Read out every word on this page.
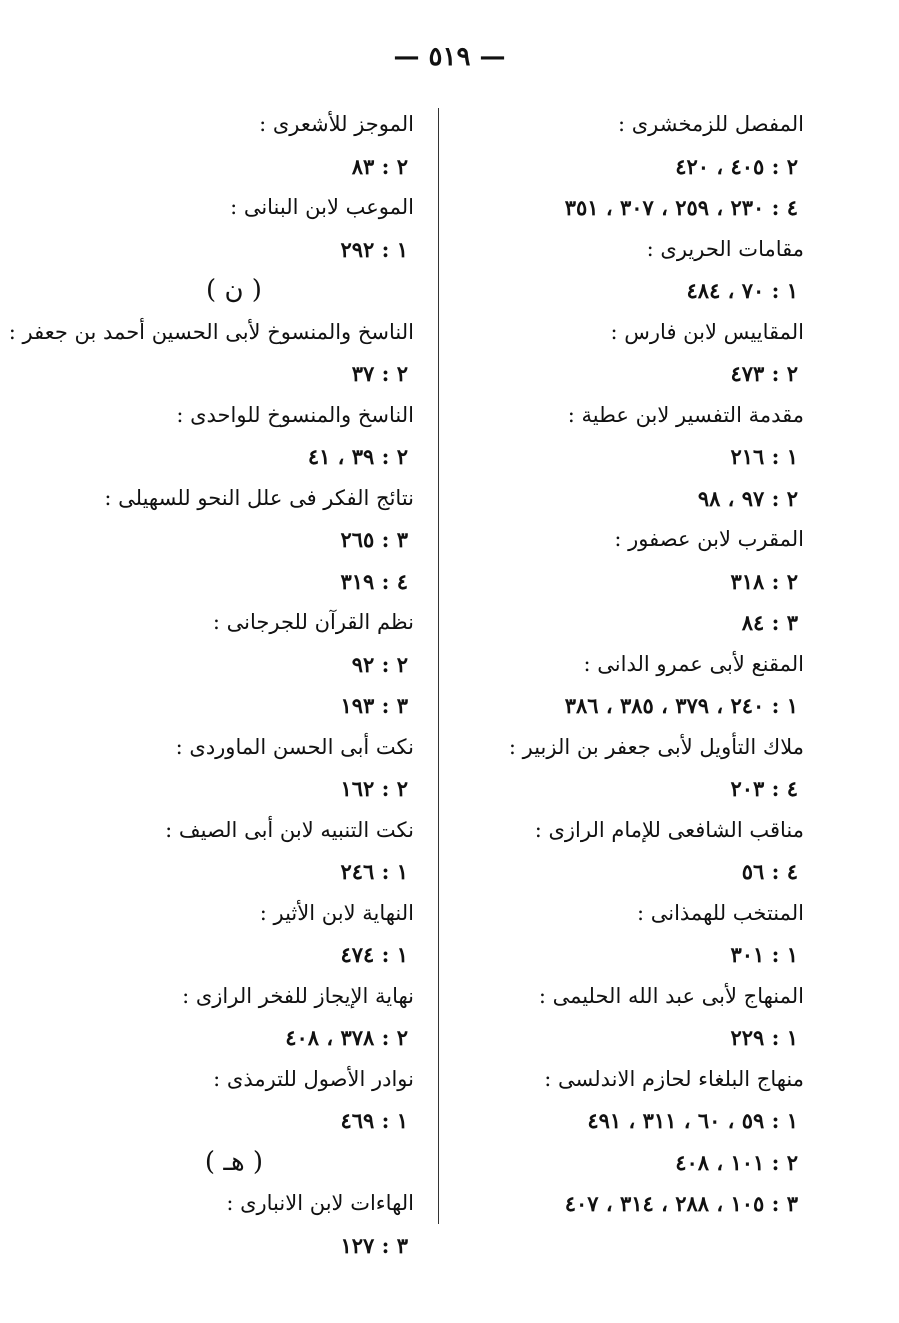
— ٥١٩ —
المفصل للزمخشرى :
٢ : ٤٠٥ ، ٤٢٠
٤ : ٢٣٠ ، ٢٥٩ ، ٣٠٧ ، ٣٥١
مقامات الحريرى :
١ : ٧٠ ، ٤٨٤
المقاييس لابن فارس :
٢ : ٤٧٣
مقدمة التفسير لابن عطية :
١ : ٢١٦
٢ : ٩٧ ، ٩٨
المقرب لابن عصفور :
٢ : ٣١٨
٣ : ٨٤
المقنع لأبى عمرو الدانى :
١ : ٢٤٠ ، ٣٧٩ ، ٣٨٥ ، ٣٨٦
ملاك التأويل لأبى جعفر بن الزبير :
٤ : ٢٠٣
مناقب الشافعى للإمام الرازى :
٤ : ٥٦
المنتخب للهمذانى :
١ : ٣٠١
المنهاج لأبى عبد الله الحليمى :
١ : ٢٢٩
منهاج البلغاء لحازم الاندلسى :
١ : ٥٩ ، ٦٠ ، ٣١١ ، ٤٩١
٢ : ١٠١ ، ٤٠٨
٣ : ١٠٥ ، ٢٨٨ ، ٣١٤ ، ٤٠٧
الموجز للأشعرى :
٢ : ٨٣
الموعب لابن البنانى :
١ : ٢٩٢
( ن )
الناسخ والمنسوخ لأبى الحسين أحمد بن جعفر :
٢ : ٣٧
الناسخ والمنسوخ للواحدى :
٢ : ٣٩ ، ٤١
نتائج الفكر فى علل النحو للسهيلى :
٣ : ٢٦٥
٤ : ٣١٩
نظم القرآن للجرجانى :
٢ : ٩٢
٣ : ١٩٣
نكت أبى الحسن الماوردى :
٢ : ١٦٢
نكت التنبيه لابن أبى الصيف :
١ : ٢٤٦
النهاية لابن الأثير :
١ : ٤٧٤
نهاية الإيجاز للفخر الرازى :
٢ : ٣٧٨ ، ٤٠٨
نوادر الأصول للترمذى :
١ : ٤٦٩
( هـ )
الهاءات لابن الانبارى :
٣ : ١٢٧
